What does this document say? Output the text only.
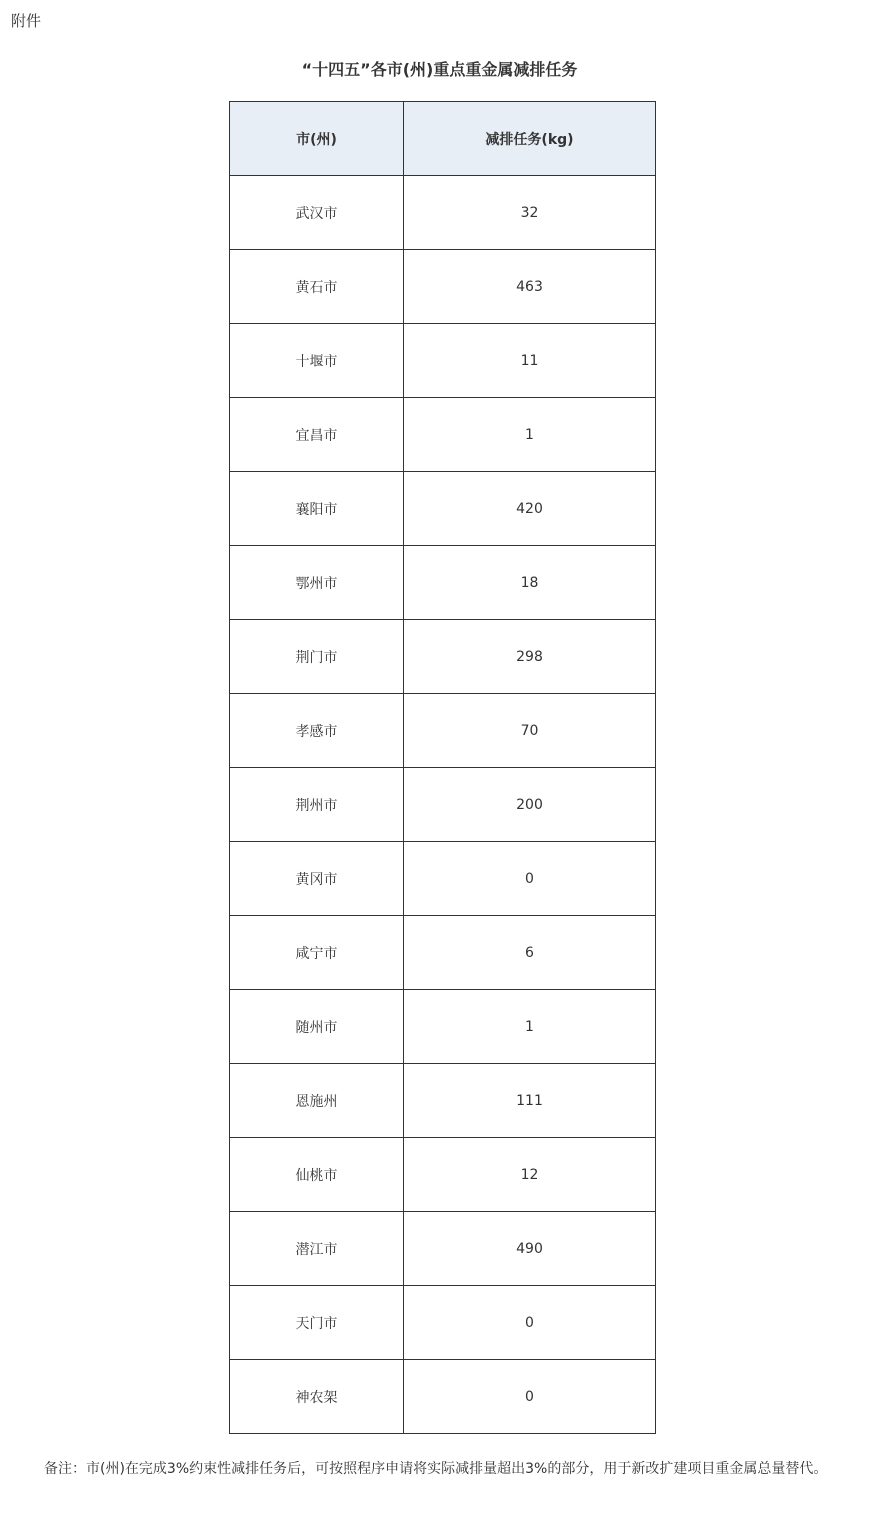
附件
“十四五”各市(州)重点重金属减排任务
市(州)	减排任务(kg)
武汉市	32
黄石市	463
十堰市	11
宜昌市	1
襄阳市	420
鄂州市	18
荆门市	298
孝感市	70
荆州市	200
黄冈市	0
咸宁市	6
随州市	1
恩施州	111
仙桃市	12
潜江市	490
天门市	0
神农架	0

备注：市(州)在完成3%约束性减排任务后，可按照程序申请将实际减排量超出3%的部分，用于新改扩建项目重金属总量替代。
